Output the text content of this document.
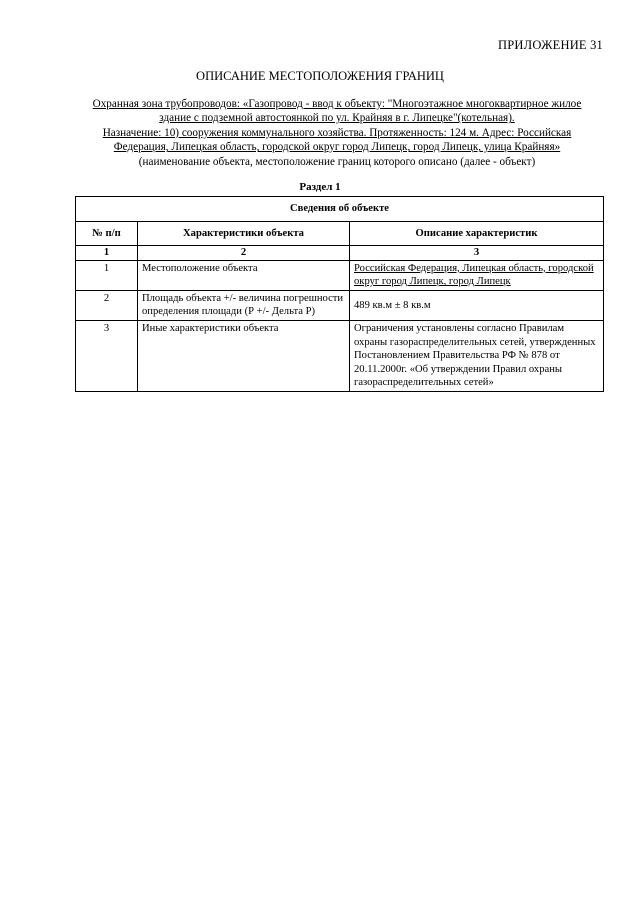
ПРИЛОЖЕНИЕ 31
ОПИСАНИЕ МЕСТОПОЛОЖЕНИЯ ГРАНИЦ
Охранная зона трубопроводов: «Газопровод - ввод к объекту: "Многоэтажное многоквартирное жилое
здание с подземной автостоянкой по ул. Крайняя в г. Липецке"(котельная).
Назначение: 10) сооружения коммунального хозяйства. Протяженность: 124 м. Адрес: Российская
Федерация, Липецкая область, городской округ город Липецк, город Липецк, улица Крайняя»
(наименование объекта, местоположение границ которого описано (далее - объект)
Раздел 1
Сведения об объекте		
№ п/п	Характеристики объекта	Описание характеристик
1	2	3
1	Местоположение объекта	Российская Федерация, Липецкая область, городской округ город Липецк, город Липецк
2	Площадь объекта +/- величина погрешности определения площади (Р +/- Дельта Р)	489 кв.м ± 8 кв.м
3	Иные характеристики объекта	Ограничения установлены согласно Правилам охраны газораспределительных сетей, утвержденных Постановлением Правительства РФ № 878 от 20.11.2000г. «Об утверждении Правил охраны газораспределительных сетей»
